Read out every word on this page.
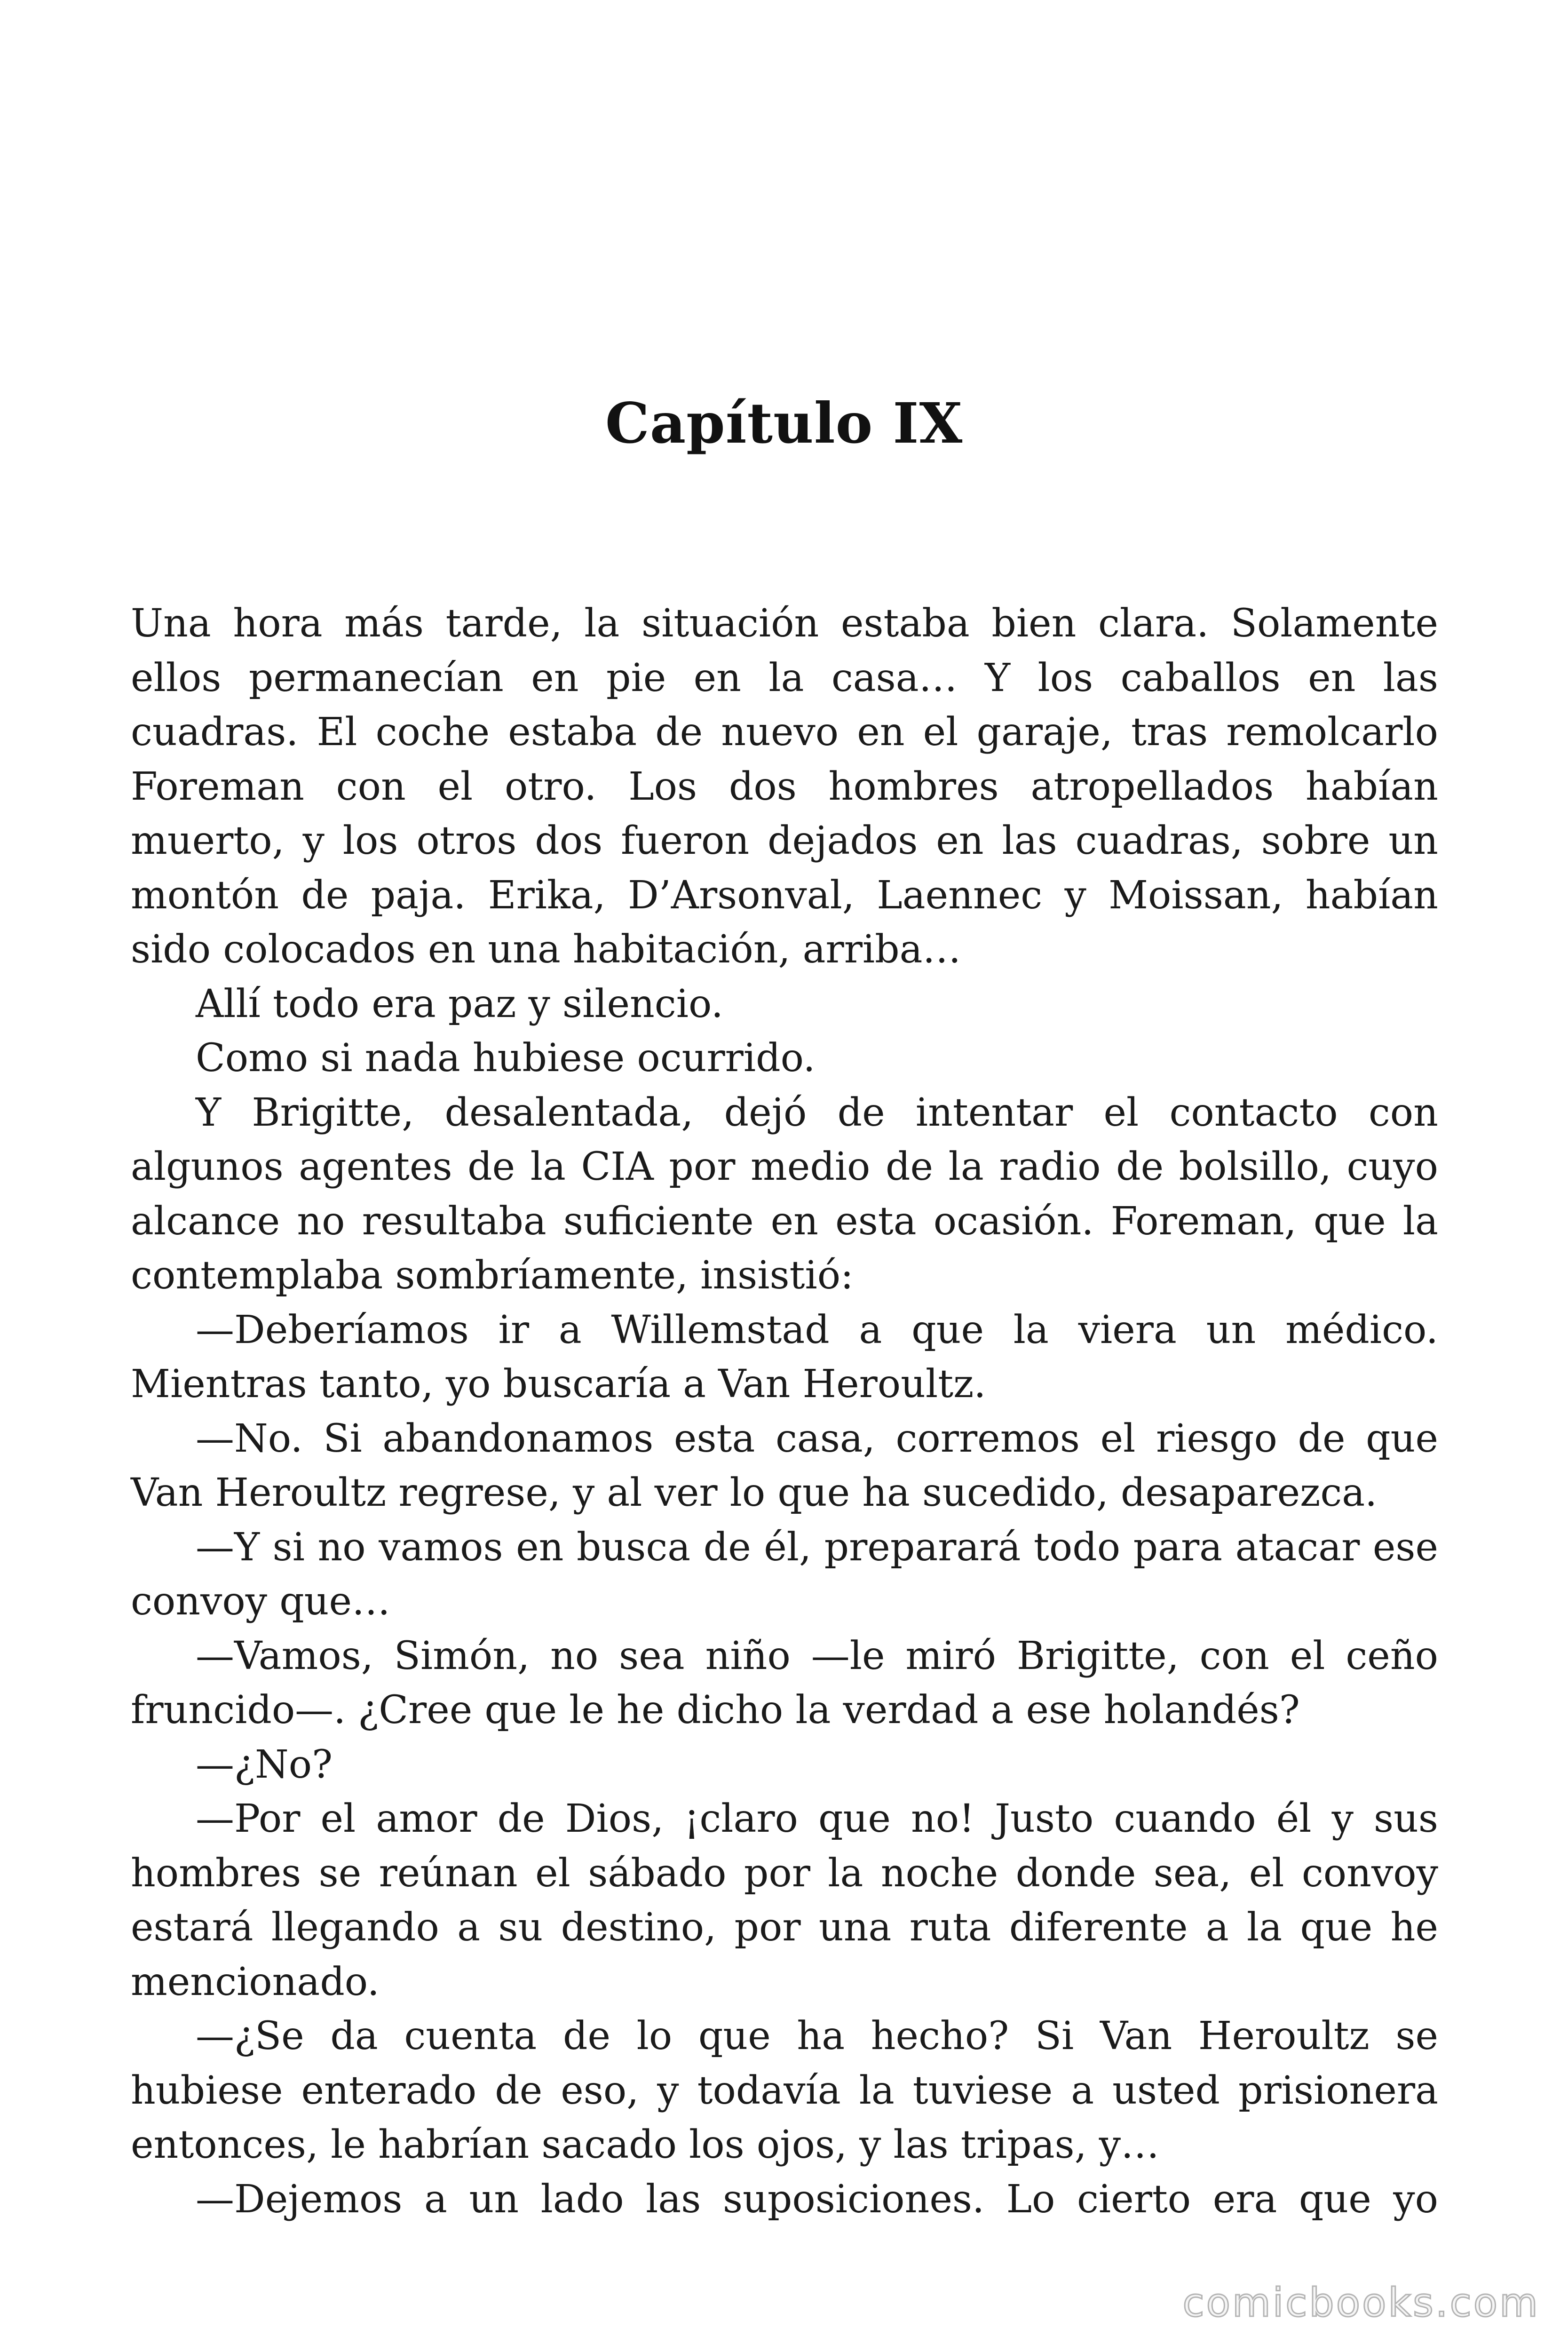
Capítulo IX

Una hora más tarde, la situación estaba bien clara. Solamente ellos permanecían en pie en la casa… Y los caballos en las cuadras. El coche estaba de nuevo en el garaje, tras remolcarlo Foreman con el otro. Los dos hombres atropellados habían muerto, y los otros dos fueron dejados en las cuadras, sobre un montón de paja. Erika, D’Arsonval, Laennec y Moissan, habían sido colocados en una habitación, arriba…

Allí todo era paz y silencio.

Como si nada hubiese ocurrido.

Y Brigitte, desalentada, dejó de intentar el contacto con algunos agentes de la CIA por medio de la radio de bolsillo, cuyo alcance no resultaba suficiente en esta ocasión. Foreman, que la contemplaba sombríamente, insistió:

—Deberíamos ir a Willemstad a que la viera un médico. Mientras tanto, yo buscaría a Van Heroultz.

—No. Si abandonamos esta casa, corremos el riesgo de que Van Heroultz regrese, y al ver lo que ha sucedido, desaparezca.

—Y si no vamos en busca de él, preparará todo para atacar ese convoy que…

—Vamos, Simón, no sea niño —le miró Brigitte, con el ceño fruncido—. ¿Cree que le he dicho la verdad a ese holandés?

—¿No?

—Por el amor de Dios, ¡claro que no! Justo cuando él y sus hombres se reúnan el sábado por la noche donde sea, el convoy estará llegando a su destino, por una ruta diferente a la que he mencionado.

—¿Se da cuenta de lo que ha hecho? Si Van Heroultz se hubiese enterado de eso, y todavía la tuviese a usted prisionera entonces, le habrían sacado los ojos, y las tripas, y…

—Dejemos a un lado las suposiciones. Lo cierto era que yo

comicbooks.com
